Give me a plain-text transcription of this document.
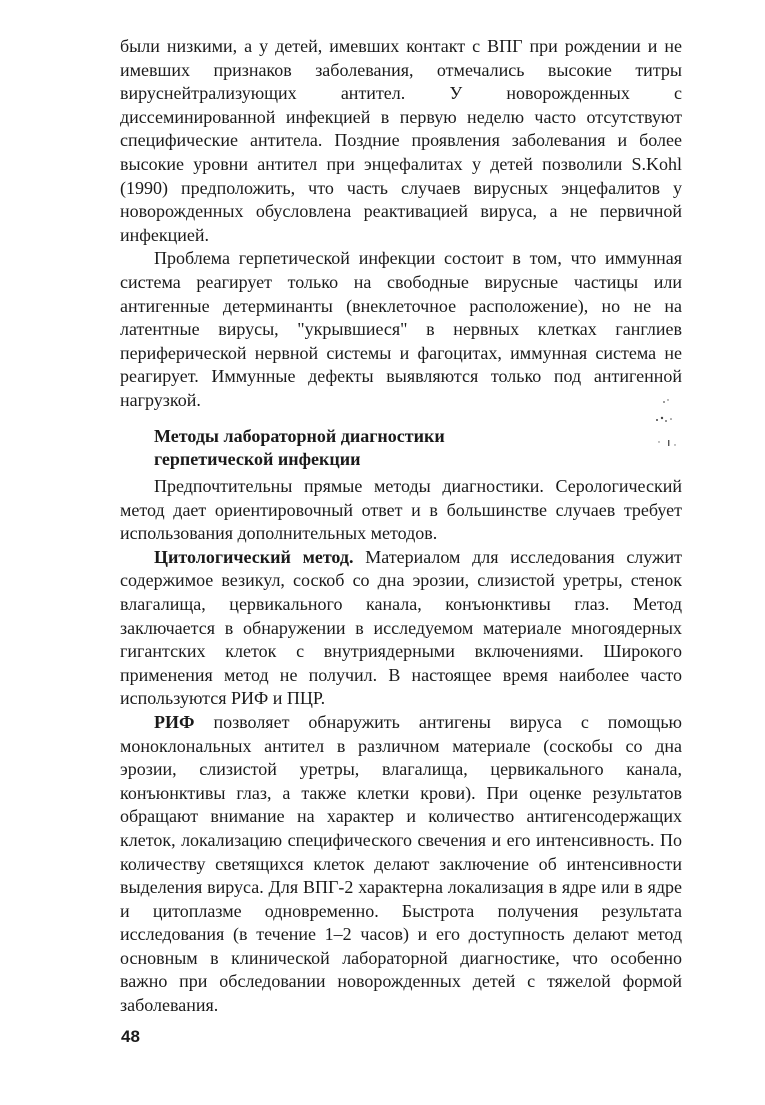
были низкими, а у детей, имевших контакт с ВПГ при рождении и не имевших признаков заболевания, отмечались высокие титры вируснейтрализующих антител. У новорожденных с диссеминированной инфекцией в первую неделю часто отсутствуют специфические антитела. Поздние проявления заболевания и более высокие уровни антител при энцефалитах у детей позволили S.Kohl (1990) предположить, что часть случаев вирусных энцефалитов у новорожденных обусловлена реактивацией вируса, а не первичной инфекцией.

Проблема герпетической инфекции состоит в том, что иммунная система реагирует только на свободные вирусные частицы или антигенные детерминанты (внеклеточное расположение), но не на латентные вирусы, "укрывшиеся" в нервных клетках ганглиев периферической нервной системы и фагоцитах, иммунная система не реагирует. Иммунные дефекты выявляются только под антигенной нагрузкой.

Методы лабораторной диагностики
герпетической инфекции

Предпочтительны прямые методы диагностики. Серологический метод дает ориентировочный ответ и в большинстве случаев требует использования дополнительных методов.

Цитологический метод. Материалом для исследования служит содержимое везикул, соскоб со дна эрозии, слизистой уретры, стенок влагалища, цервикального канала, конъюнктивы глаз. Метод заключается в обнаружении в исследуемом материале многоядерных гигантских клеток с внутриядерными включениями. Широкого применения метод не получил. В настоящее время наиболее часто используются РИФ и ПЦР.

РИФ позволяет обнаружить антигены вируса с помощью моноклональных антител в различном материале (соскобы со дна эрозии, слизистой уретры, влагалища, цервикального канала, конъюнктивы глаз, а также клетки крови). При оценке результатов обращают внимание на характер и количество антигенсодержащих клеток, локализацию специфического свечения и его интенсивность. По количеству светящихся клеток делают заключение об интенсивности выделения вируса. Для ВПГ-2 характерна локализация в ядре или в ядре и цитоплазме одновременно. Быстрота получения результата исследования (в течение 1–2 часов) и его доступность делают метод основным в клинической лабораторной диагностике, что особенно важно при обследовании новорожденных детей с тяжелой формой заболевания.

48
